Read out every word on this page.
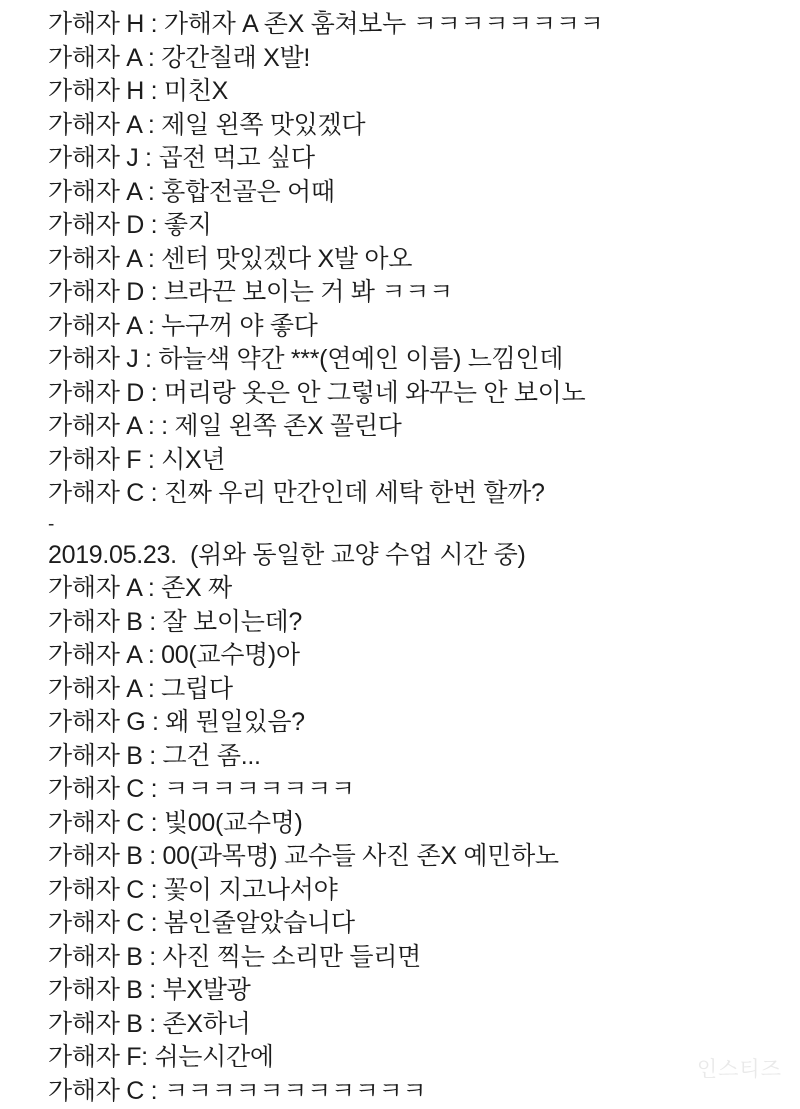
가해자 H : 가해자 A 존X 훔쳐보누 ㅋㅋㅋㅋㅋㅋㅋㅋ
가해자 A : 강간칠래 X발!
가해자 H : 미친X
가해자 A : 제일 왼쪽 맛있겠다
가해자 J : 곱전 먹고 싶다
가해자 A : 홍합전골은 어때
가해자 D : 좋지
가해자 A : 센터 맛있겠다 X발 아오
가해자 D : 브라끈 보이는 거 봐 ㅋㅋㅋ
가해자 A : 누구꺼 야 좋다
가해자 J : 하늘색 약간 ***(연예인 이름) 느낌인데
가해자 D : 머리랑 옷은 안 그렇네 와꾸는 안 보이노
가해자 A : : 제일 왼쪽 존X 꼴린다
가해자 F : 시X년
가해자 C : 진짜 우리 만간인데 세탁 한번 할까?
-
2019.05.23.  (위와 동일한 교양 수업 시간 중)
가해자 A : 존X 짜
가해자 B : 잘 보이는데?
가해자 A : 00(교수명)아
가해자 A : 그립다
가해자 G : 왜 뭔일있음?
가해자 B : 그건 좀...
가해자 C : ㅋㅋㅋㅋㅋㅋㅋㅋ
가해자 C : 빛00(교수명)
가해자 B : 00(과목명) 교수들 사진 존X 예민하노
가해자 C : 꽃이 지고나서야
가해자 C : 봄인줄알았습니다
가해자 B : 사진 찍는 소리만 들리면
가해자 B : 부X발광
가해자 B : 존X하너
가해자 F: 쉬는시간에
가해자 C : ㅋㅋㅋㅋㅋㅋㅋㅋㅋㅋㅋ
인스티즈
